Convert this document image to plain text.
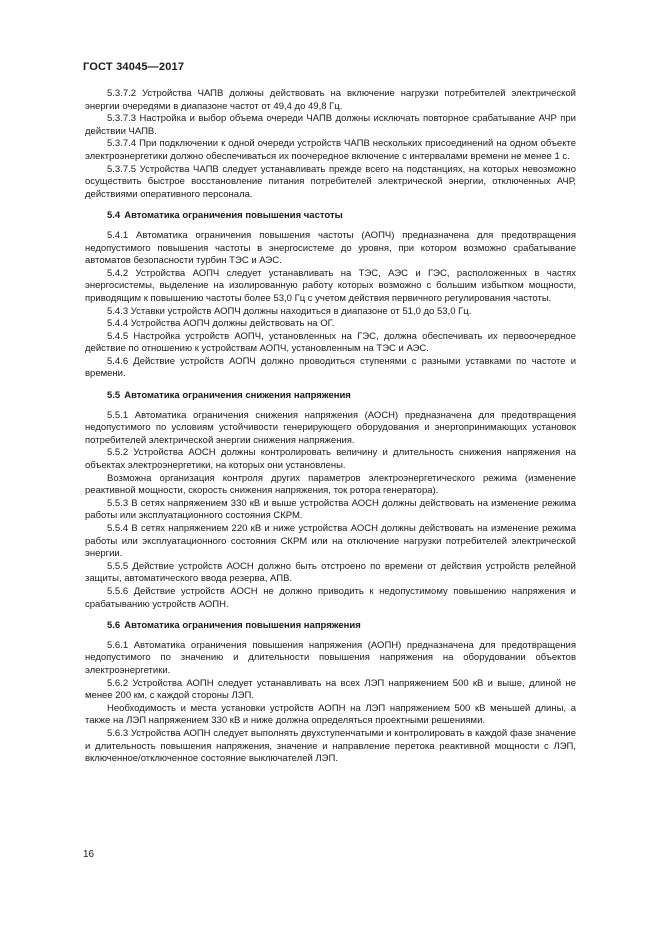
ГОСТ 34045—2017

5.3.7.2 Устройства ЧАПВ должны действовать на включение нагрузки потребителей электрической энергии очередями в диапазоне частот от 49,4 до 49,8 Гц.

5.3.7.3 Настройка и выбор объема очереди ЧАПВ должны исключать повторное срабатывание АЧР при действии ЧАПВ.

5.3.7.4 При подключении к одной очереди устройств ЧАПВ нескольких присоединений на одном объекте электроэнергетики должно обеспечиваться их поочередное включение с интервалами времени не менее 1 с.

5.3.7.5 Устройства ЧАПВ следует устанавливать прежде всего на подстанциях, на которых невозможно осуществить быстрое восстановление питания потребителей электрической энергии, отключенных АЧР, действиями оперативного персонала.

5.4 Автоматика ограничения повышения частоты

5.4.1 Автоматика ограничения повышения частоты (АОПЧ) предназначена для предотвращения недопустимого повышения частоты в энергосистеме до уровня, при котором возможно срабатывание автоматов безопасности турбин ТЭС и АЭС.

5.4.2 Устройства АОПЧ следует устанавливать на ТЭС, АЭС и ГЭС, расположенных в частях энергосистемы, выделение на изолированную работу которых возможно с большим избытком мощности, приводящим к повышению частоты более 53,0 Гц с учетом действия первичного регулирования частоты.

5.4.3 Уставки устройств АОПЧ должны находиться в диапазоне от 51,0 до 53,0 Гц.

5.4.4 Устройства АОПЧ должны действовать на ОГ.

5.4.5 Настройка устройств АОПЧ, установленных на ГЭС, должна обеспечивать их первоочередное действие по отношению к устройствам АОПЧ, установленным на ТЭС и АЭС.

5.4.6 Действие устройств АОПЧ должно проводиться ступенями с разными уставками по частоте и времени.

5.5 Автоматика ограничения снижения напряжения

5.5.1 Автоматика ограничения снижения напряжения (АОСН) предназначена для предотвращения недопустимого по условиям устойчивости генерирующего оборудования и энергопринимающих установок потребителей электрической энергии снижения напряжения.

5.5.2 Устройства АОСН должны контролировать величину и длительность снижения напряжения на объектах электроэнергетики, на которых они установлены.

Возможна организация контроля других параметров электроэнергетического режима (изменение реактивной мощности, скорость снижения напряжения, ток ротора генератора).

5.5.3 В сетях напряжением 330 кВ и выше устройства АОСН должны действовать на изменение режима работы или эксплуатационного состояния СКРМ.

5.5.4 В сетях напряжением 220 кВ и ниже устройства АОСН должны действовать на изменение режима работы или эксплуатационного состояния СКРМ или на отключение нагрузки потребителей электрической энергии.

5.5.5 Действие устройств АОСН должно быть отстроено по времени от действия устройств релейной защиты, автоматического ввода резерва, АПВ.

5.5.6 Действие устройств АОСН не должно приводить к недопустимому повышению напряжения и срабатыванию устройств АОПН.

5.6 Автоматика ограничения повышения напряжения

5.6.1 Автоматика ограничения повышения напряжения (АОПН) предназначена для предотвращения недопустимого по значению и длительности повышения напряжения на оборудовании объектов электроэнергетики.

5.6.2 Устройства АОПН следует устанавливать на всех ЛЭП напряжением 500 кВ и выше, длиной не менее 200 км, с каждой стороны ЛЭП.

Необходимость и места установки устройств АОПН на ЛЭП напряжением 500 кВ меньшей длины, а также на ЛЭП напряжением 330 кВ и ниже должна определяться проектными решениями.

5.6.3 Устройства АОПН следует выполнять двухступенчатыми и контролировать в каждой фазе значение и длительность повышения напряжения, значение и направление перетока реактивной мощности с ЛЭП, включенное/отключенное состояние выключателей ЛЭП.

16
